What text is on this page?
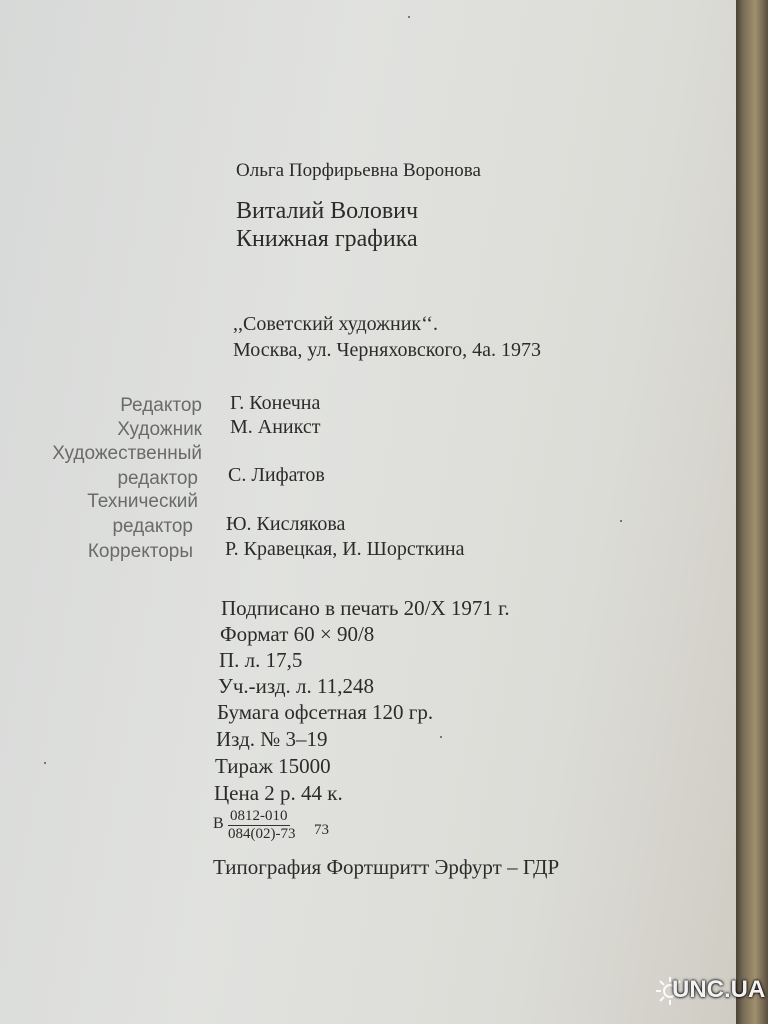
Ольга Порфирьевна Воронова
Виталий Волович
Книжная графика
,,Советский художник‘‘.
Москва, ул. Черняховского, 4а. 1973
Редактор Г. Конечна
Художник М. Аникст
Художественный
редактор С. Лифатов
Технический
редактор Ю. Кислякова
Корректоры Р. Кравецкая, И. Шорсткина
Подписано в печать 20/X 1971 г.
Формат 60 × 90/8
П. л. 17,5
Уч.-изд. л. 11,248
Бумага офсетная 120 гр.
Изд. № 3–19
Тираж 15000
Цена 2 р. 44 к.
В 0812-010
084(02)-73 73
Типография Фортшритт Эрфурт – ГДР
UNC.UA
